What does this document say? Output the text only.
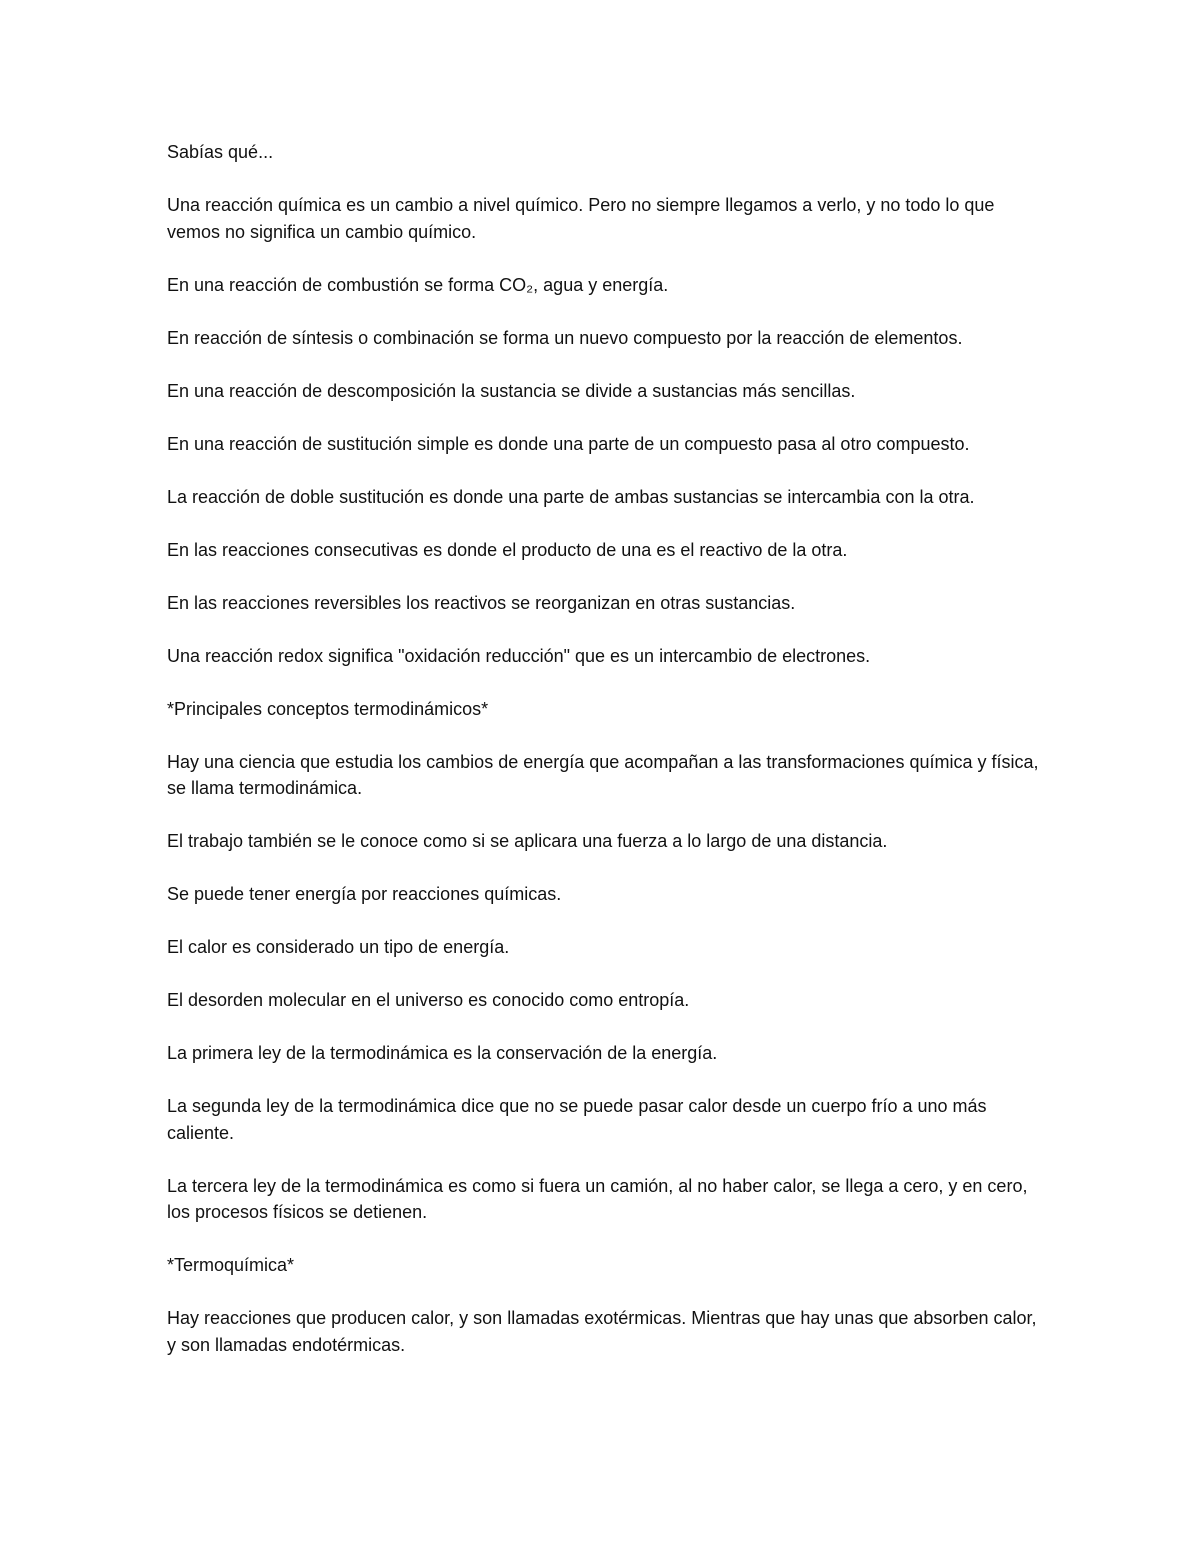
Sabías qué...

Una reacción química es un cambio a nivel químico. Pero no siempre llegamos a verlo, y no todo lo que vemos no significa un cambio químico.

En una reacción de combustión se forma CO₂, agua y energía.

En reacción de síntesis o combinación se forma un nuevo compuesto por la reacción de elementos.

En una reacción de descomposición la sustancia se divide a sustancias más sencillas.

En una reacción de sustitución simple es donde una parte de un compuesto pasa al otro compuesto.

La reacción de doble sustitución es donde una parte de ambas sustancias se intercambia con la otra.

En las reacciones consecutivas es donde el producto de una es el reactivo de la otra.

En las reacciones reversibles los reactivos se reorganizan en otras sustancias.

Una reacción redox significa "oxidación reducción" que es un intercambio de electrones.

*Principales conceptos termodinámicos*

Hay una ciencia que estudia los cambios de energía que acompañan a las transformaciones química y física, se llama termodinámica.

El trabajo también se le conoce como si se aplicara una fuerza a lo largo de una distancia.

Se puede tener energía por reacciones químicas.

El calor es considerado un tipo de energía.

El desorden molecular en el universo es conocido como entropía.

La primera ley de la termodinámica es la conservación de la energía.

La segunda ley de la termodinámica dice que no se puede pasar calor desde un cuerpo frío a uno más caliente.

La tercera ley de la termodinámica es como si fuera un camión, al no haber calor, se llega a cero, y en cero, los procesos físicos se detienen.

*Termoquímica*

Hay reacciones que producen calor, y son llamadas exotérmicas. Mientras que hay unas que absorben calor, y son llamadas endotérmicas.
